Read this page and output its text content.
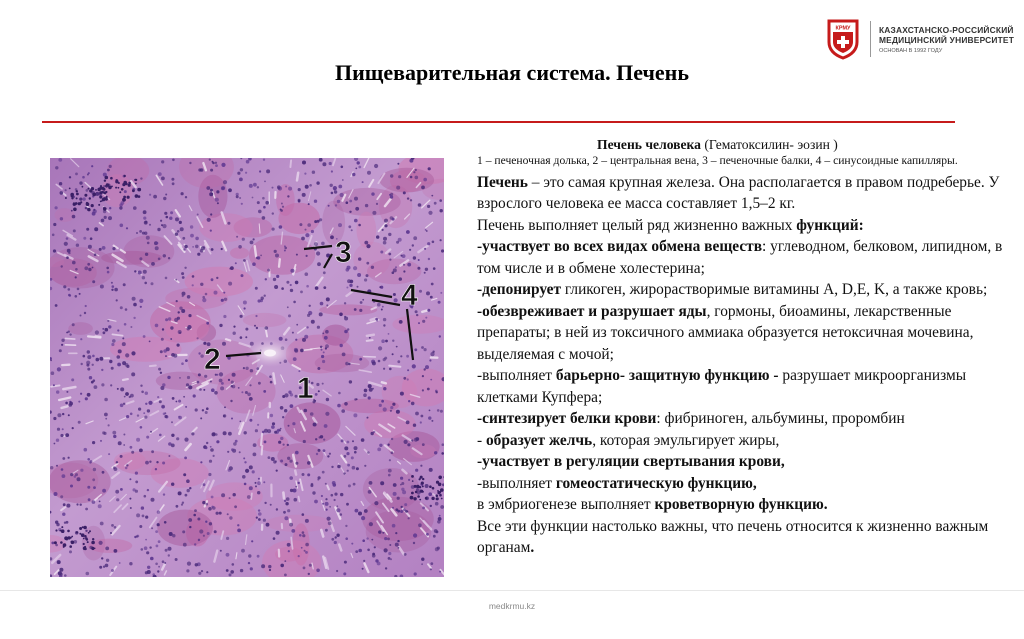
КРМУ	КАЗАХСТАНСКО-РОССИЙСКИЙ
МЕДИЦИНСКИЙ УНИВЕРСИТЕТ
ОСНОВАН В 1992 ГОДУ
Пищеварительная система. Печень
1
2
3
4
Печень человека (Гематоксилин- эозин )
1 – печеночная долька, 2 – центральная вена, 3 – печеночные балки, 4 – синусоидные капилляры.

Печень – это самая крупная железа. Она располагается в правом подреберье. У взрослого человека ее масса составляет 1,5–2 кг.

Печень выполняет целый ряд жизненно важных функций:

-участвует во всех видах обмена веществ: углеводном, белковом, липидном, в том числе и в обмене холестерина;

-депонирует гликоген, жирорастворимые витамины А, D,E, K, а также кровь;

-обезвреживает и разрушает яды, гормоны, биоамины, лекарственные препараты; в ней из токсичного аммиака образуется нетоксичная мочевина, выделяемая с мочой;

-выполняет барьерно- защитную функцию - разрушает микроорганизмы клетками Купфера;

-синтезирует белки крови: фибриноген, альбумины, проромбин

- образует желчь, которая эмульгирует жиры,

-участвует в регуляции свертывания крови,

-выполняет гомеостатическую функцию,

в эмбриогенезе выполняет кроветворную функцию.

Все эти функции настолько важны, что печень относится к жизненно важным органам.

medkrmu.kz
